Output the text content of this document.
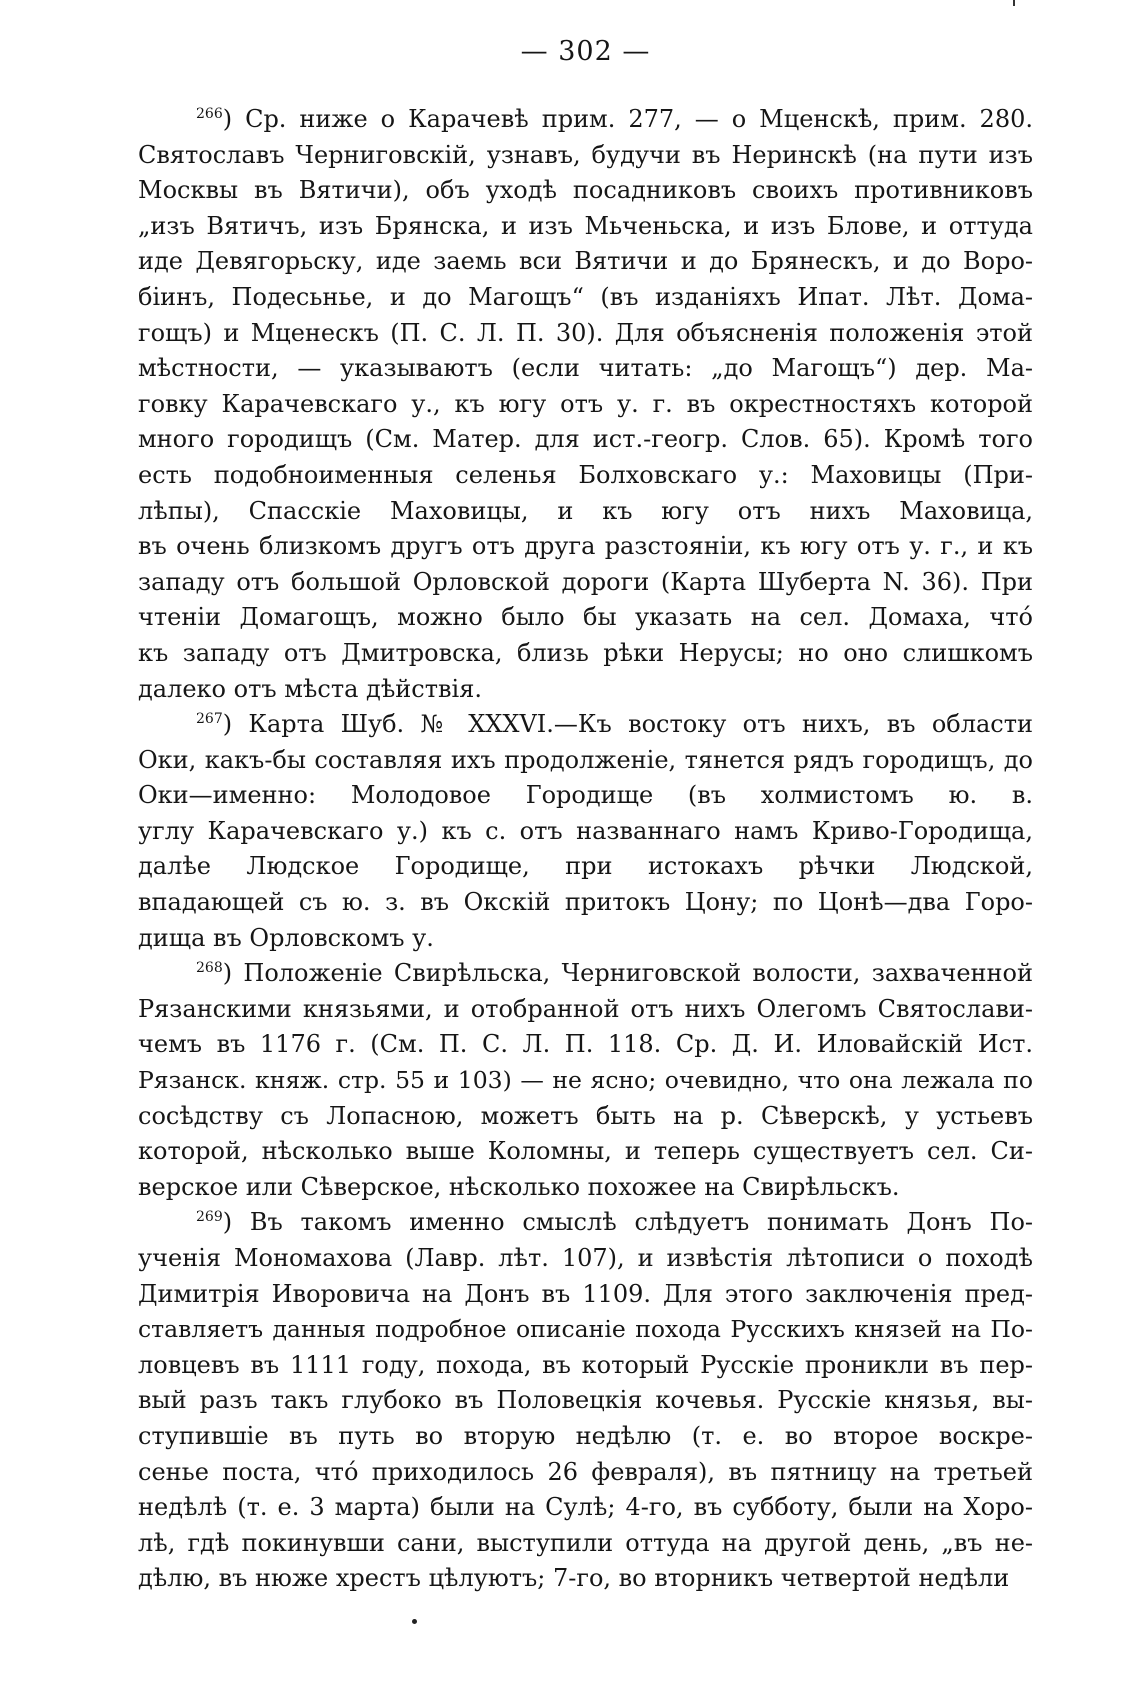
— 302 —
$^{266}$) Ср. ниже о Карачевѣ прим. 277, — о Мценскѣ, прим. 280.
Святославъ Черниговскій, узнавъ, будучи въ Неринскѣ (на пути изъ
Москвы въ Вятичи), объ уходѣ посадниковъ своихъ противниковъ
„изъ Вятичъ, изъ Брянска, и изъ Мьченьска, и изъ Блове, и оттуда
иде Девягорьску, иде заемь вси Вятичи и до Брянескъ, и до Воро-
біинъ, Подесьнье, и до Магощъ“ (въ изданіяхъ Ипат. Лѣт. Дома-
гощъ) и Мценескъ (П. С. Л. П. 30). Для объясненія положенія этой
мѣстности, — указываютъ (если читать: „до Магощъ“) дер. Ма-
говку Карачевскаго у., къ югу отъ у. г. въ окрестностяхъ которой
много городищъ (См. Матер. для ист.-геогр. Слов. 65). Кромѣ того
есть подобноименныя селенья Болховскаго у.: Маховицы (При-
лѣпы), Спасскіе Маховицы, и къ югу отъ нихъ Маховица,
въ очень близкомъ другъ отъ друга разстояніи, къ югу отъ у. г., и къ
западу отъ большой Орловской дороги (Карта Шуберта N. 36). При
чтеніи Домагощъ, можно было бы указать на сел. Домаха, что́
къ западу отъ Дмитровска, близь рѣки Нерусы; но оно слишкомъ
далеко отъ мѣста дѣйствія.
$^{267}$) Карта Шуб. № XXXVI.—Къ востоку отъ нихъ, въ области
Оки, какъ-бы составляя ихъ продолженіе, тянется рядъ городищъ, до
Оки—именно: Молодовое Городище (въ холмистомъ ю. в.
углу Карачевскаго у.) къ с. отъ названнаго намъ Криво-Городища,
далѣе Людское Городище, при истокахъ рѣчки Людской,
впадающей съ ю. з. въ Окскій притокъ Цону; по Цонѣ—два Горо-
дища въ Орловскомъ у.
$^{268}$) Положеніе Свирѣльска, Черниговской волости, захваченной
Рязанскими князьями, и отобранной отъ нихъ Олегомъ Святослави-
чемъ въ 1176 г. (См. П. С. Л. П. 118. Ср. Д. И. Иловайскій Ист.
Рязанск. княж. стр. 55 и 103) — не ясно; очевидно, что она лежала по
сосѣдству съ Лопасною, можетъ быть на р. Сѣверскѣ, у устьевъ
которой, нѣсколько выше Коломны, и теперь существуетъ сел. Си-
верское или Сѣверское, нѣсколько похожее на Свирѣльскъ.
$^{269}$) Въ такомъ именно смыслѣ слѣдуетъ понимать Донъ По-
ученія Мономахова (Лавр. лѣт. 107), и извѣстія лѣтописи о походѣ
Димитрія Иворовича на Донъ въ 1109. Для этого заключенія пред-
ставляетъ данныя подробное описаніе похода Русскихъ князей на По-
ловцевъ въ 1111 году, похода, въ который Русскіе проникли въ пер-
вый разъ такъ глубоко въ Половецкія кочевья. Русскіе князья, вы-
ступившіе въ путь во вторую недѣлю (т. е. во второе воскре-
сенье поста, что́ приходилось 26 февраля), въ пятницу на третьей
недѣлѣ (т. е. 3 марта) были на Сулѣ; 4-го, въ субботу, были на Хоро-
лѣ, гдѣ покинувши сани, выступили оттуда на другой день, „въ не-
дѣлю, въ нюже хрестъ цѣлуютъ; 7-го, во вторникъ четвертой недѣли
